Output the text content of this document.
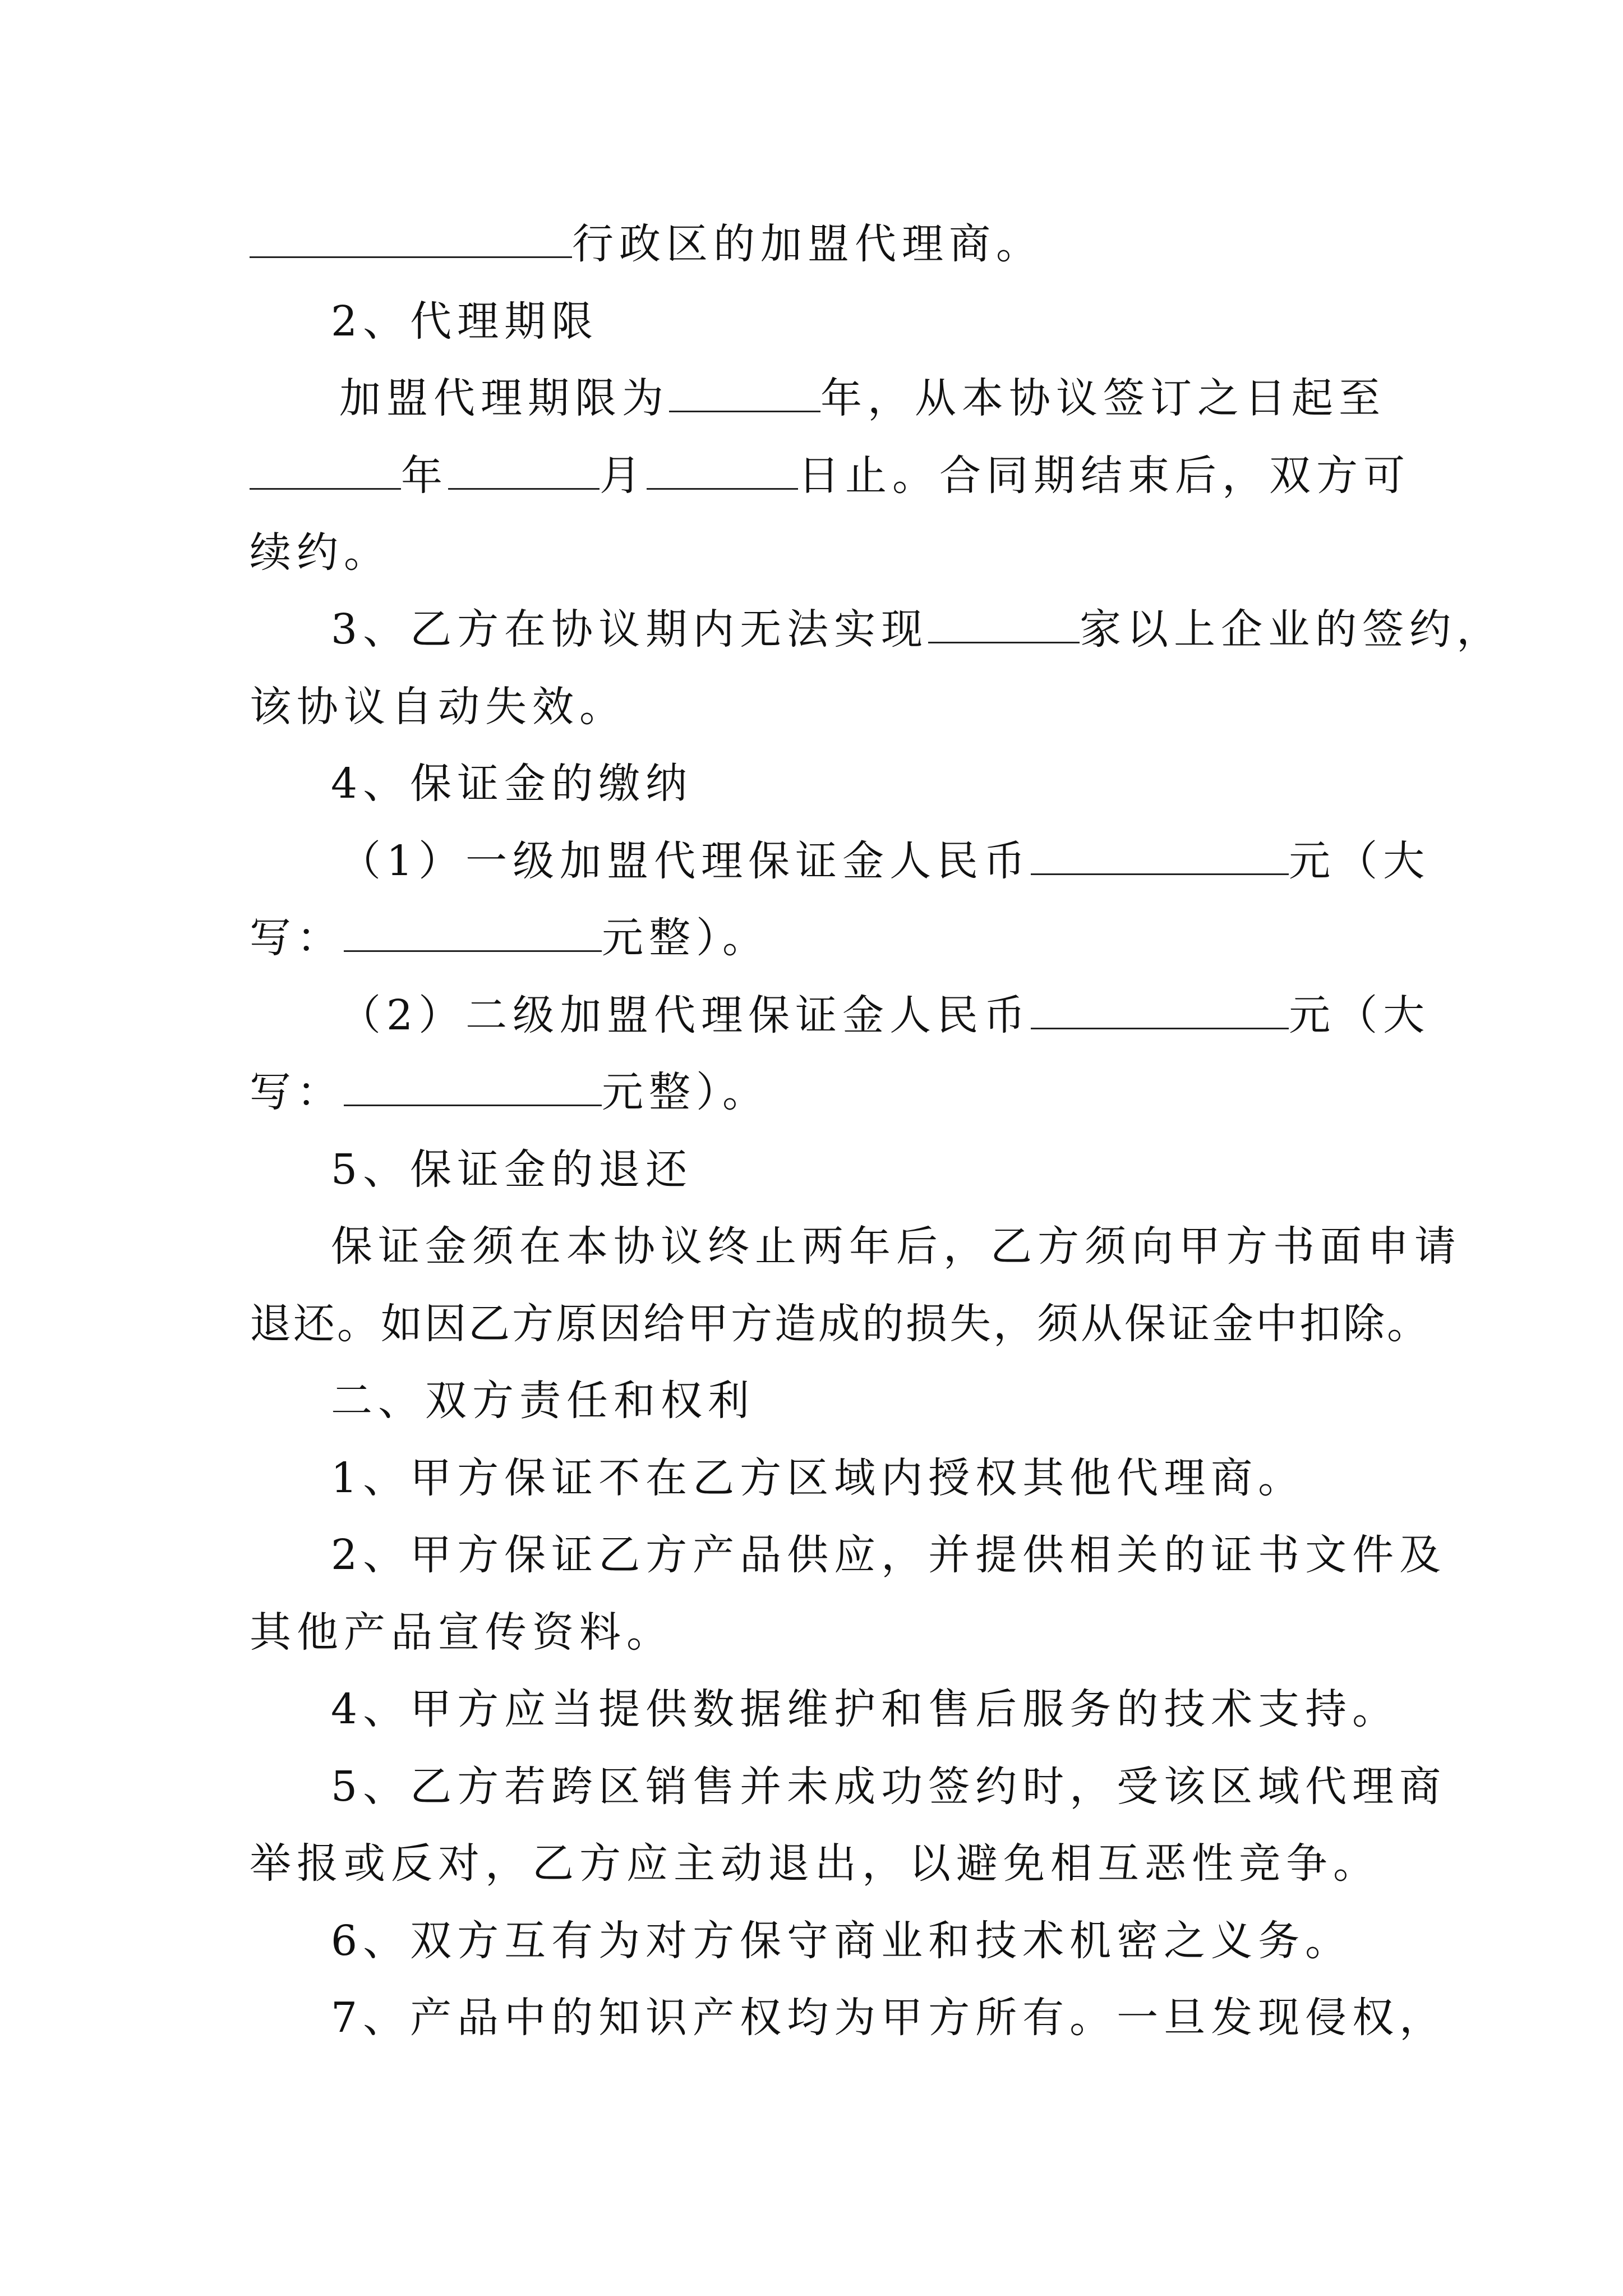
行政区的加盟代理商。
2、代理期限
加盟代理期限为	年，从本协议签订之日起至
年	月	日止。合同期结束后，双方可
续约。
3、乙方在协议期内无法实现	家以上企业的签约，
该协议自动失效。
4、保证金的缴纳
（1）一级加盟代理保证金人民币	元（大
写：	元整）。
（2）二级加盟代理保证金人民币	元（大
写：	元整）。
5、保证金的退还
保证金须在本协议终止两年后，乙方须向甲方书面申请
退还。如因乙方原因给甲方造成的损失，须从保证金中扣除。
二、双方责任和权利
1、甲方保证不在乙方区域内授权其他代理商。
2、甲方保证乙方产品供应，并提供相关的证书文件及
其他产品宣传资料。
4、甲方应当提供数据维护和售后服务的技术支持。
5、乙方若跨区销售并未成功签约时，受该区域代理商
举报或反对，乙方应主动退出，以避免相互恶性竞争。
6、双方互有为对方保守商业和技术机密之义务。
7、产品中的知识产权均为甲方所有。一旦发现侵权，
